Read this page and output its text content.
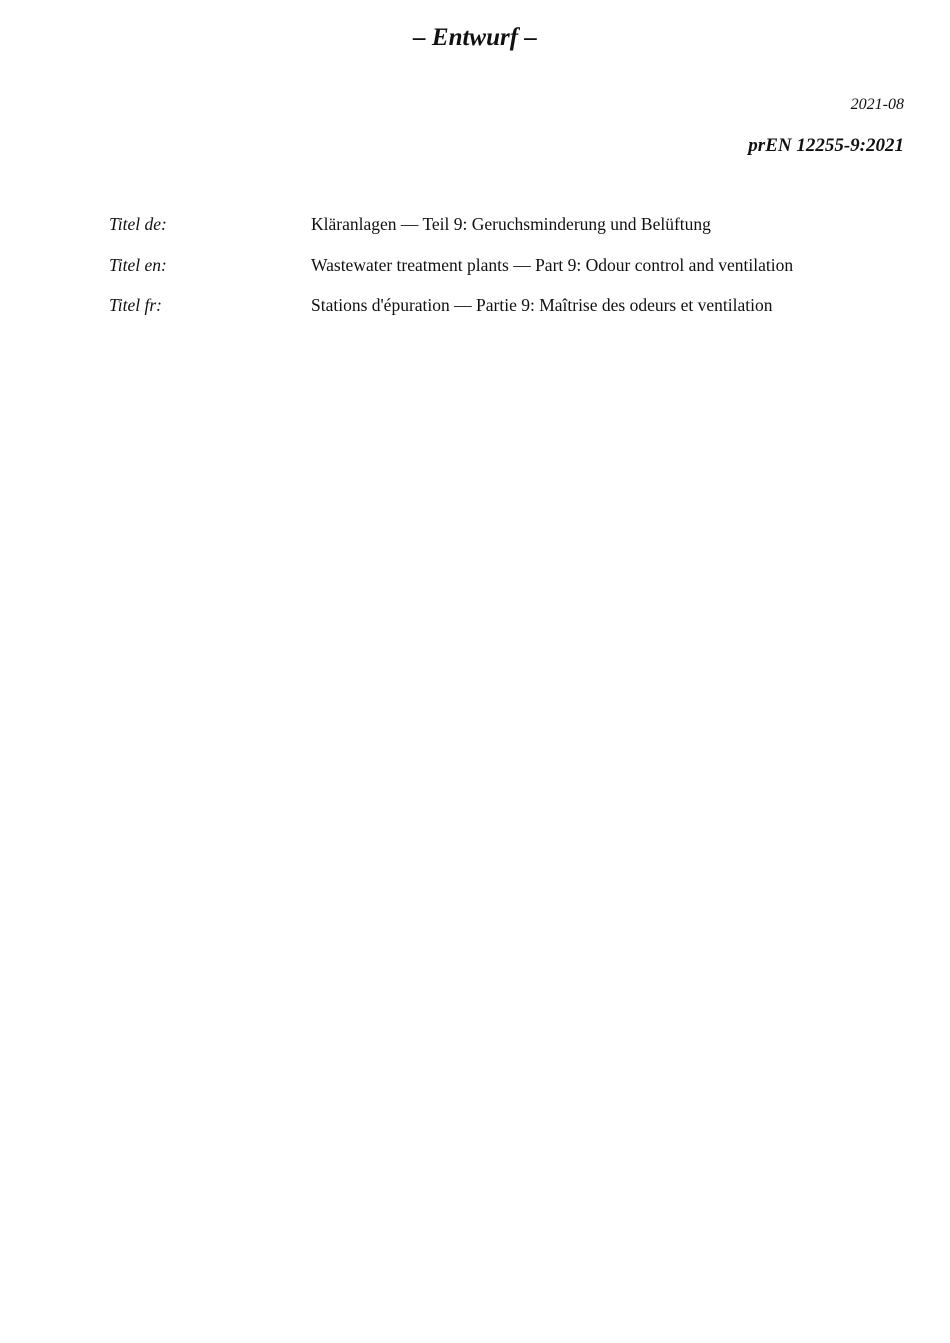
– Entwurf –
2021-08
prEN 12255-9:2021
Titel de:	Kläranlagen — Teil 9: Geruchsminderung und Belüftung
Titel en:	Wastewater treatment plants — Part 9: Odour control and ventilation
Titel fr:	Stations d'épuration — Partie 9: Maîtrise des odeurs et ventilation
